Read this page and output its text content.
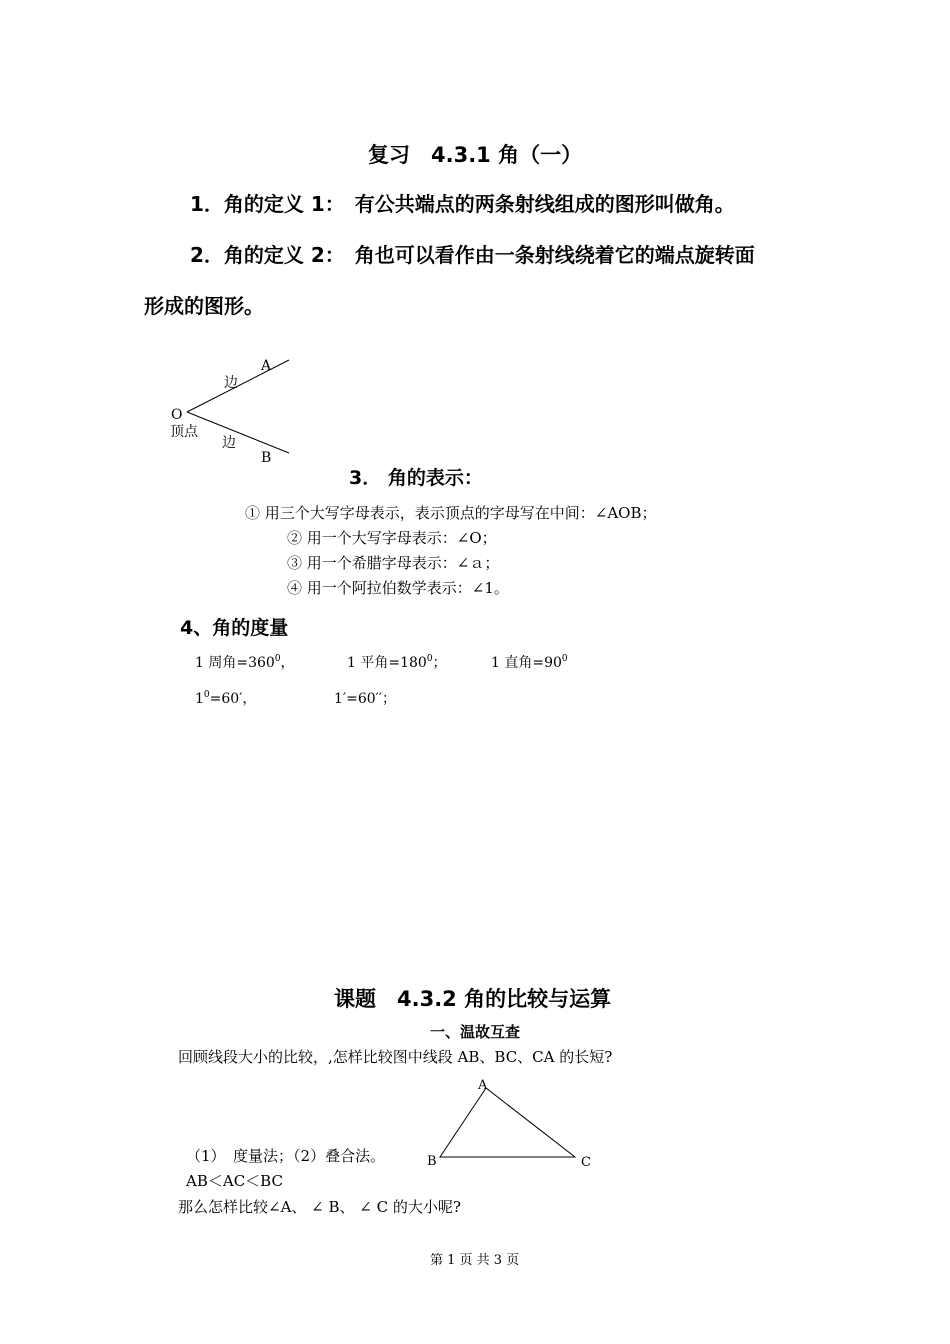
复习　4.3.1 角（一）
1．角的定义 1：　有公共端点的两条射线组成的图形叫做角。
2．角的定义 2：　角也可以看作由一条射线绕着它的端点旋转面
形成的图形。
A
B
O
边
边
顶点
3． 角的表示：
① 用三个大写字母表示，表示顶点的字母写在中间：∠AOB；
② 用一个大写字母表示：∠O；
③ 用一个希腊字母表示：∠ａ；
④ 用一个阿拉伯数学表示：∠1。
4、角的度量
1 周角$=360^0$，	1 平角$=180^0$；	1 直角$=90^0$
$1^0=60'$，	1′=60′′；
课题　4.3.2 角的比较与运算
一、温故互查
回顾线段大小的比较，,怎样比较图中线段 AB、BC、CA 的长短?
A
B	C
（1）　度量法；（2）叠合法。
AB＜AC＜BC
那么怎样比较∠A、 ∠ B、 ∠ C 的大小呢?
第 1 页 共 3 页
